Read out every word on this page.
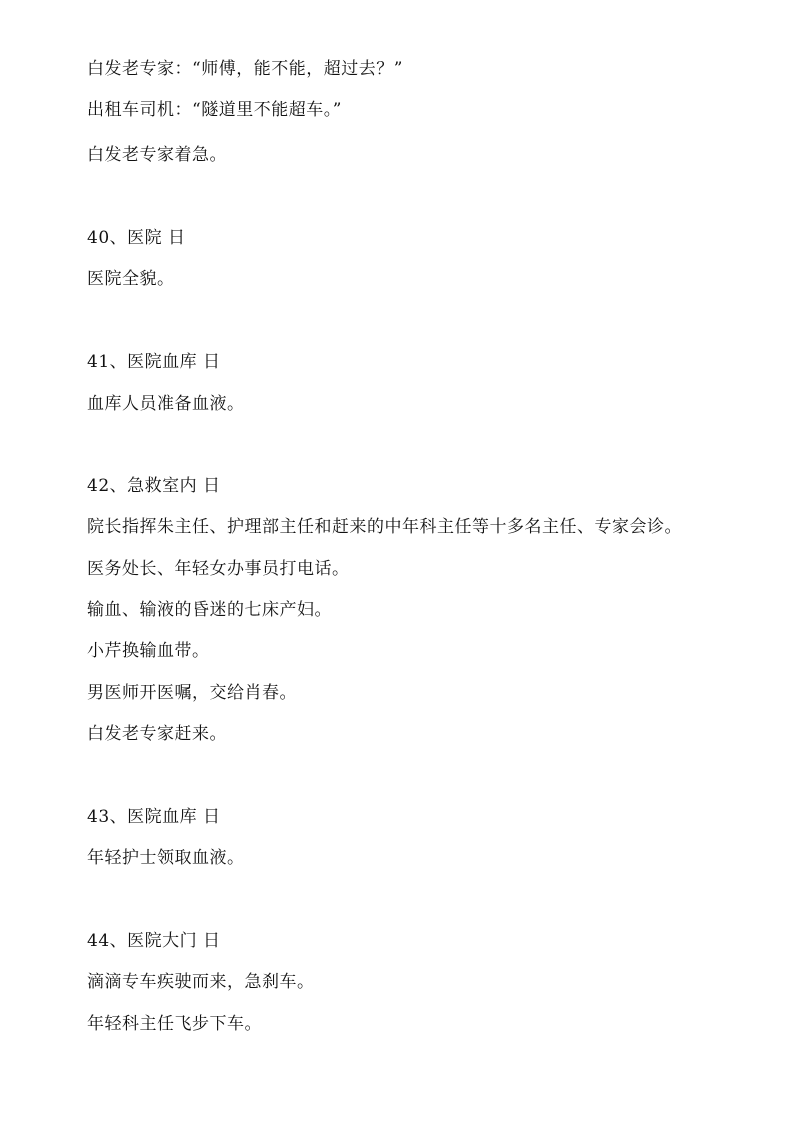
白发老专家：“师傅，能不能，超过去？”
出租车司机：“隧道里不能超车。”
白发老专家着急。
40、医院 日
医院全貌。
41、医院血库 日
血库人员准备血液。
42、急救室内 日
院长指挥朱主任、护理部主任和赶来的中年科主任等十多名主任、专家会诊。
医务处长、年轻女办事员打电话。
输血、输液的昏迷的七床产妇。
小芹换输血带。
男医师开医嘱，交给肖春。
白发老专家赶来。
43、医院血库 日
年轻护士领取血液。
44、医院大门 日
滴滴专车疾驶而来，急刹车。
年轻科主任飞步下车。
